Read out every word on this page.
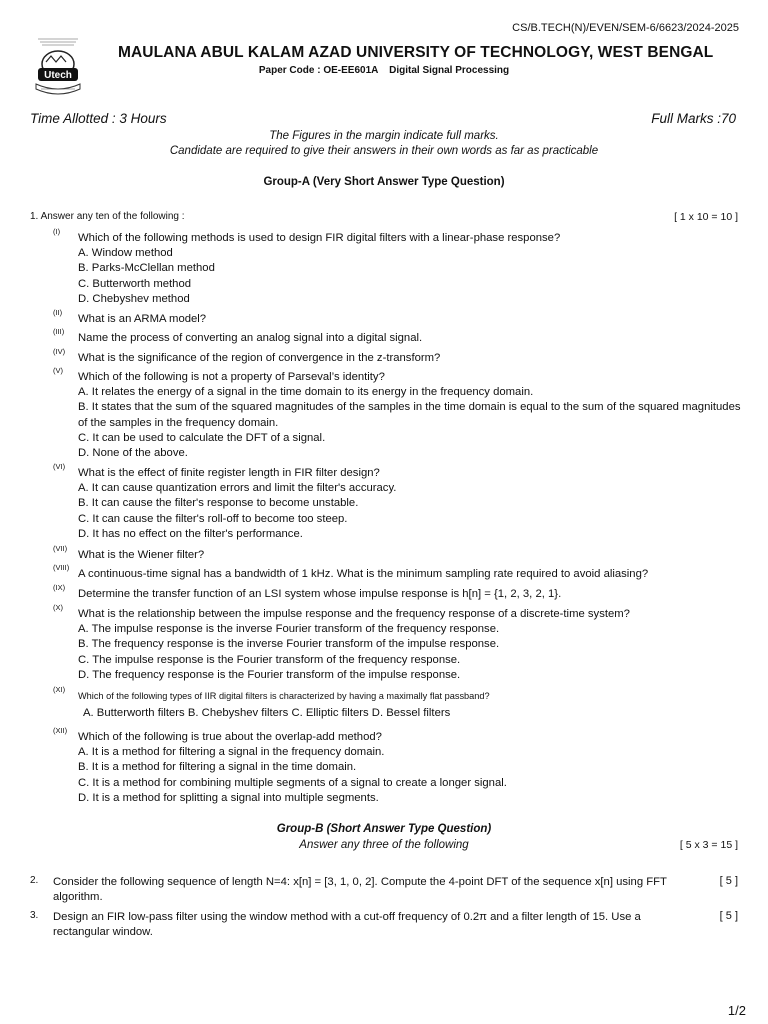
CS/B.TECH(N)/EVEN/SEM-6/6623/2024-2025
Utech
MAULANA ABUL KALAM AZAD UNIVERSITY OF TECHNOLOGY, WEST BENGAL
Paper Code : OE-EE601A Digital Signal Processing
Time Allotted : 3 Hours	Full Marks :70
The Figures in the margin indicate full marks.
Candidate are required to give their answers in their own words as far as practicable
Group-A (Very Short Answer Type Question)
1. Answer any ten of the following :	[ 1 x 10 = 10 ]
(I)
Which of the following methods is used to design FIR digital filters with a linear-phase response?
A. Window method
B. Parks-McClellan method
C. Butterworth method
D. Chebyshev method
(II)
What is an ARMA model?
(III)
Name the process of converting an analog signal into a digital signal.
(IV)
What is the significance of the region of convergence in the z-transform?
(V)
Which of the following is not a property of Parseval’s identity?
A. It relates the energy of a signal in the time domain to its energy in the frequency domain.
B. It states that the sum of the squared magnitudes of the samples in the time domain is equal to the sum of the squared magnitudes of the samples in the frequency domain.
C. It can be used to calculate the DFT of a signal.
D. None of the above.
(VI)
What is the effect of finite register length in FIR filter design?
A. It can cause quantization errors and limit the filter's accuracy.
B. It can cause the filter's response to become unstable.
C. It can cause the filter's roll-off to become too steep.
D. It has no effect on the filter's performance.
(VII)
What is the Wiener filter?
(VIII)
A continuous-time signal has a bandwidth of 1 kHz. What is the minimum sampling rate required to avoid aliasing?
(IX)
Determine the transfer function of an LSI system whose impulse response is h[n] = {1, 2, 3, 2, 1}.
(X)
What is the relationship between the impulse response and the frequency response of a discrete-time system?
A. The impulse response is the inverse Fourier transform of the frequency response.
B. The frequency response is the inverse Fourier transform of the impulse response.
C. The impulse response is the Fourier transform of the frequency response.
D. The frequency response is the Fourier transform of the impulse response.
(XI)
Which of the following types of IIR digital filters is characterized by having a maximally flat passband?
A. Butterworth filters B. Chebyshev filters C. Elliptic filters D. Bessel filters
(XII)
Which of the following is true about the overlap-add method?
A. It is a method for filtering a signal in the frequency domain.
B. It is a method for filtering a signal in the time domain.
C. It is a method for combining multiple segments of a signal to create a longer signal.
D. It is a method for splitting a signal into multiple segments.
Group-B (Short Answer Type Question)
Answer any three of the following	[ 5 x 3 = 15 ]
2. Consider the following sequence of length N=4: x[n] = [3, 1, 0, 2]. Compute the 4-point DFT of the sequence x[n] using FFT algorithm.
[ 5 ]
3. Design an FIR low-pass filter using the window method with a cut-off frequency of 0.2π and a filter length of 15. Use a rectangular window.
[ 5 ]
1/2
